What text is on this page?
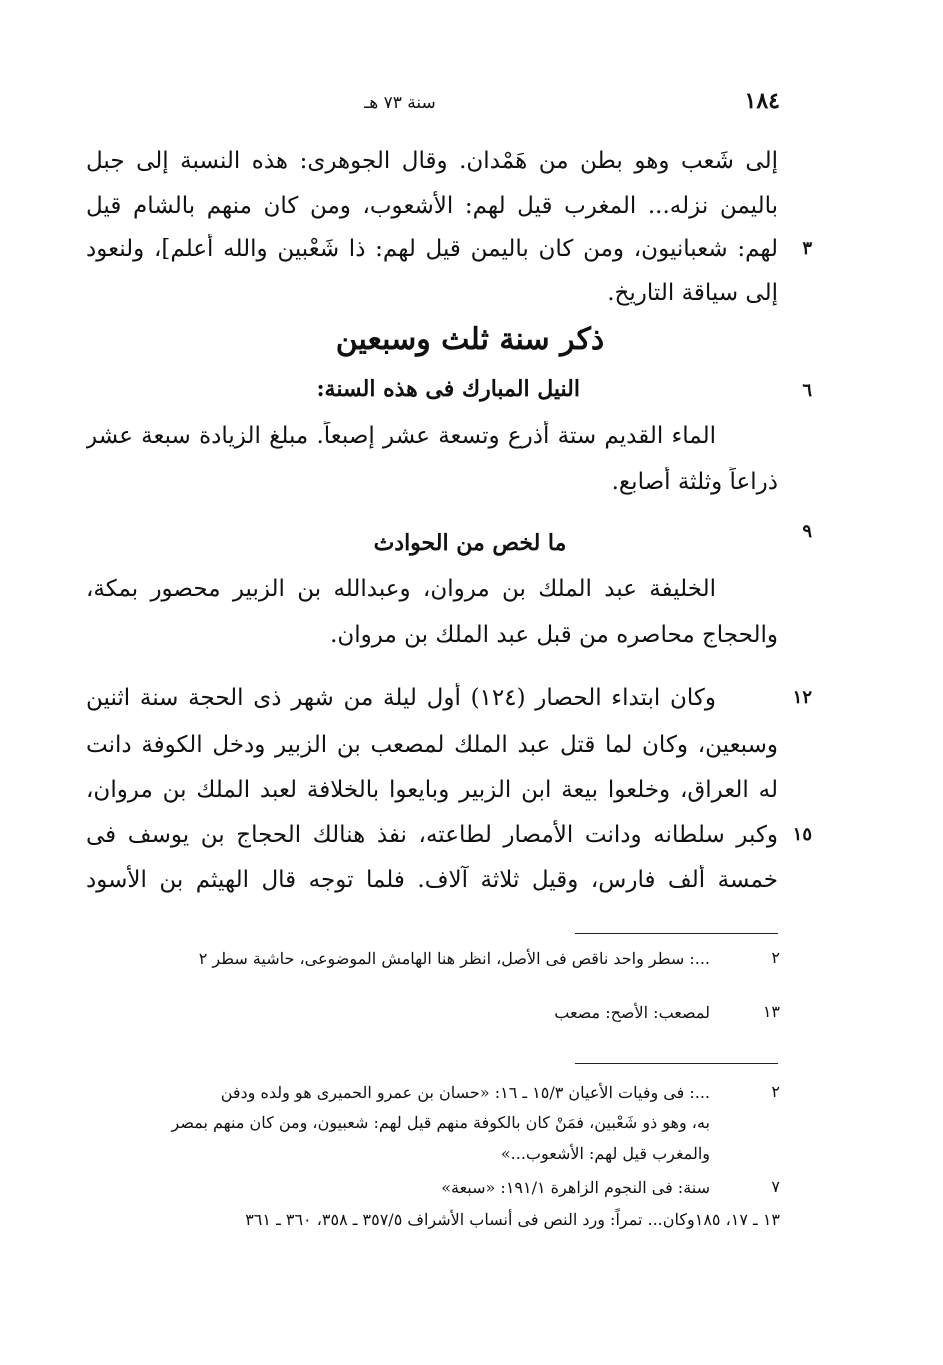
١٨٤
سنة ٧٣ هـ
إلى شَعب وهو بطن من هَمْدان. وقال الجوهرى: هذه النسبة إلى جبل
باليمن نزله... المغرب قيل لهم: الأشعوب، ومن كان منهم بالشام قيل
لهم: شعبانيون، ومن كان باليمن قيل لهم: ذا شَعْبين والله أعلم]، ولنعود	٣
إلى سياقة التاريخ.
ذكر سنة ثلث وسبعين
النيل المبارك فى هذه السنة:	٦
الماء القديم ستة أذرع وتسعة عشر إصبعاً. مبلغ الزيادة سبعة عشر
ذراعاً وثلثة أصابع.
٩
ما لخص من الحوادث
الخليفة عبد الملك بن مروان، وعبدالله بن الزبير محصور بمكة،
والحجاج محاصره من قبل عبد الملك بن مروان.
وكان ابتداء الحصار (١٢٤) أول ليلة من شهر ذى الحجة سنة اثنين	١٢
وسبعين، وكان لما قتل عبد الملك لمصعب بن الزبير ودخل الكوفة دانت
له العراق، وخلعوا بيعة ابن الزبير وبايعوا بالخلافة لعبد الملك بن مروان،
وكبر سلطانه ودانت الأمصار لطاعته، نفذ هنالك الحجاج بن يوسف فى ١٥
خمسة ألف فارس، وقيل ثلاثة آلاف. فلما توجه قال الهيثم بن الأسود
٢
...: سطر واحد ناقص فى الأصل، انظر هنا الهامش الموضوعى، حاشية سطر ٢
١٣
لمصعب: الأصح: مصعب
٢
...: فى وفيات الأعيان ١٥/٣ ـ ١٦: «حسان بن عمرو الحميرى هو ولده ودفن
به، وهو ذو شَعْبين، فمَنْ كان بالكوفة منهم قيل لهم: شعبيون، ومن كان منهم بمصر
والمغرب قيل لهم: الأشعوب...»
٧
سنة: فى النجوم الزاهرة ١٩١/١: «سبعة»
١٣ ـ ١٧، ١٨٥وكان... تمراً: ورد النص فى أنساب الأشراف ٣٥٧/٥ ـ ٣٥٨، ٣٦٠ ـ ٣٦١
